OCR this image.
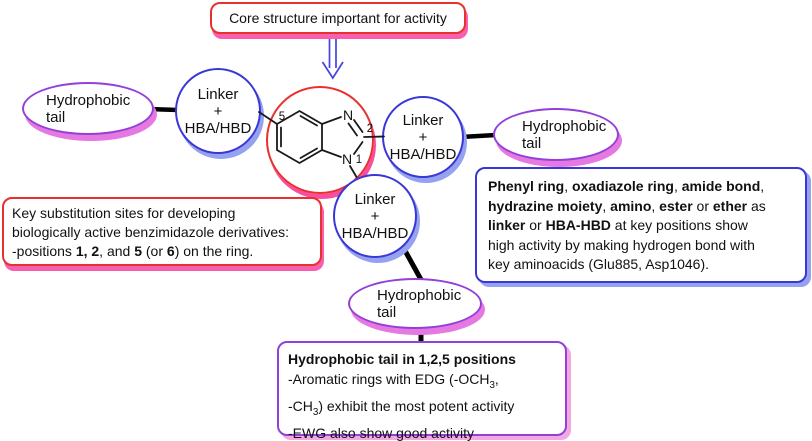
Core structure important for activity
Hydrophobic
tail
Linker
+
HBA/HBD	Linker
+
HBA/HBD
Hydrophobic
tail
Linker
+
HBA/HBD
Hydrophobic
tail
Key substitution sites for developing
biologically active benzimidazole derivatives:
-positions 1, 2, and 5 (or 6) on the ring.
Phenyl ring, oxadiazole ring, amide bond,
hydrazine moiety, amino, ester or ether as
linker or HBA-HBD at key positions show
high activity by making hydrogen bond with
key aminoacids (Glu885, Asp1046).
Hydrophobic tail in 1,2,5 positions
-Aromatic rings with EDG ($-OCH_3$,
$-CH_3$) exhibit the most potent activity
-EWG also show good activity
N
N 1
2
5
